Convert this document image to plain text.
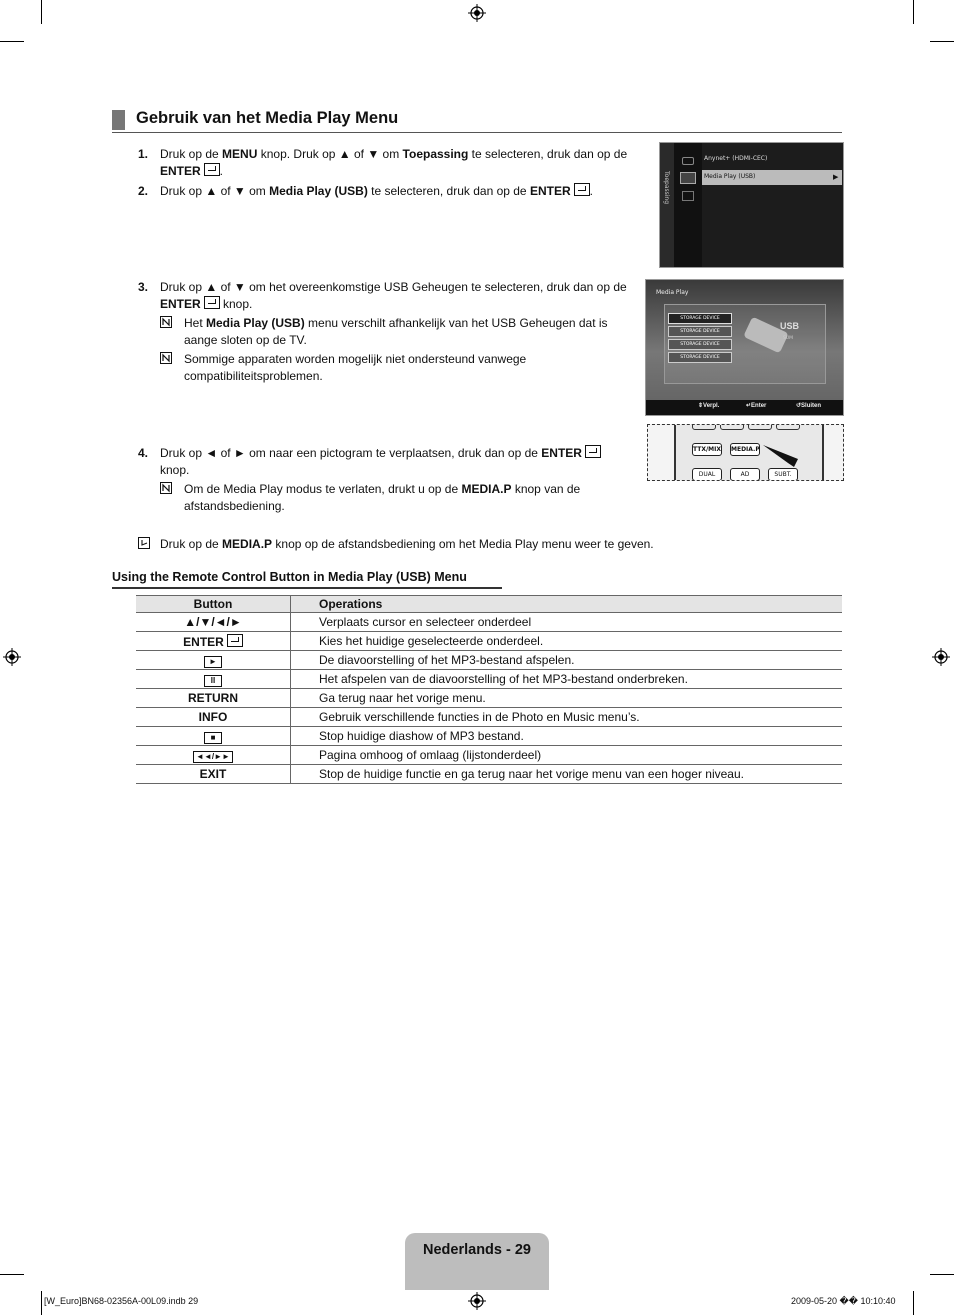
Gebruik van het Media Play Menu
1. Druk op de MENU knop. Druk op ▲ of ▼ om Toepassing te selecteren, druk dan op de
ENTER .
2. Druk op ▲ of ▼ om Media Play (USB) te selecteren, druk dan op de ENTER .	Toepassing
Anynet+ (HDMI-CEC)
Media Play (USB)	▶
3. Druk op ▲ of ▼ om het overeenkomstige USB Geheugen te selecteren, druk dan op de
ENTER knop.
Het Media Play (USB) menu verschilt afhankelijk van het USB Geheugen dat is
aange sloten op de TV.
Sommige apparaten worden mogelijk niet ondersteund vanwege
compatibiliteitsproblemen.
Media Play
STORAGE DEVICE
STORAGE DEVICE
STORAGE DEVICE
STORAGE DEVICE
USB
SUM
⇕Verpl.	↵Enter	↺Sluiten
TTX/MIX MEDIA.P
DUAL	AD	SUBT.
4. Druk op ◄ of ► om naar een pictogram te verplaatsen, druk dan op de ENTER
knop.
Om de Media Play modus te verlaten, drukt u op de MEDIA.P knop van de
afstandsbediening.
Druk op de MEDIA.P knop op de afstandsbediening om het Media Play menu weer te geven.
Using the Remote Control Button in Media Play (USB) Menu
Button	Operations
▲/▼/◄/►	Verplaats cursor en selecteer onderdeel
ENTER	Kies het huidige geselecteerde onderdeel.
►	De diavoorstelling of het MP3-bestand afspelen.
II	Het afspelen van de diavoorstelling of het MP3-bestand onderbreken.
RETURN	Ga terug naar het vorige menu.
INFO	Gebruik verschillende functies in de Photo en Music menu’s.
■	Stop huidige diashow of MP3 bestand.
◄◄/►►	Pagina omhoog of omlaag (lijstonderdeel)
EXIT	Stop de huidige functie en ga terug naar het vorige menu van een hoger niveau.
Nederlands - 29
[W_Euro]BN68-02356A-00L09.indb 29	2009-05-20 �� 10:10:40
